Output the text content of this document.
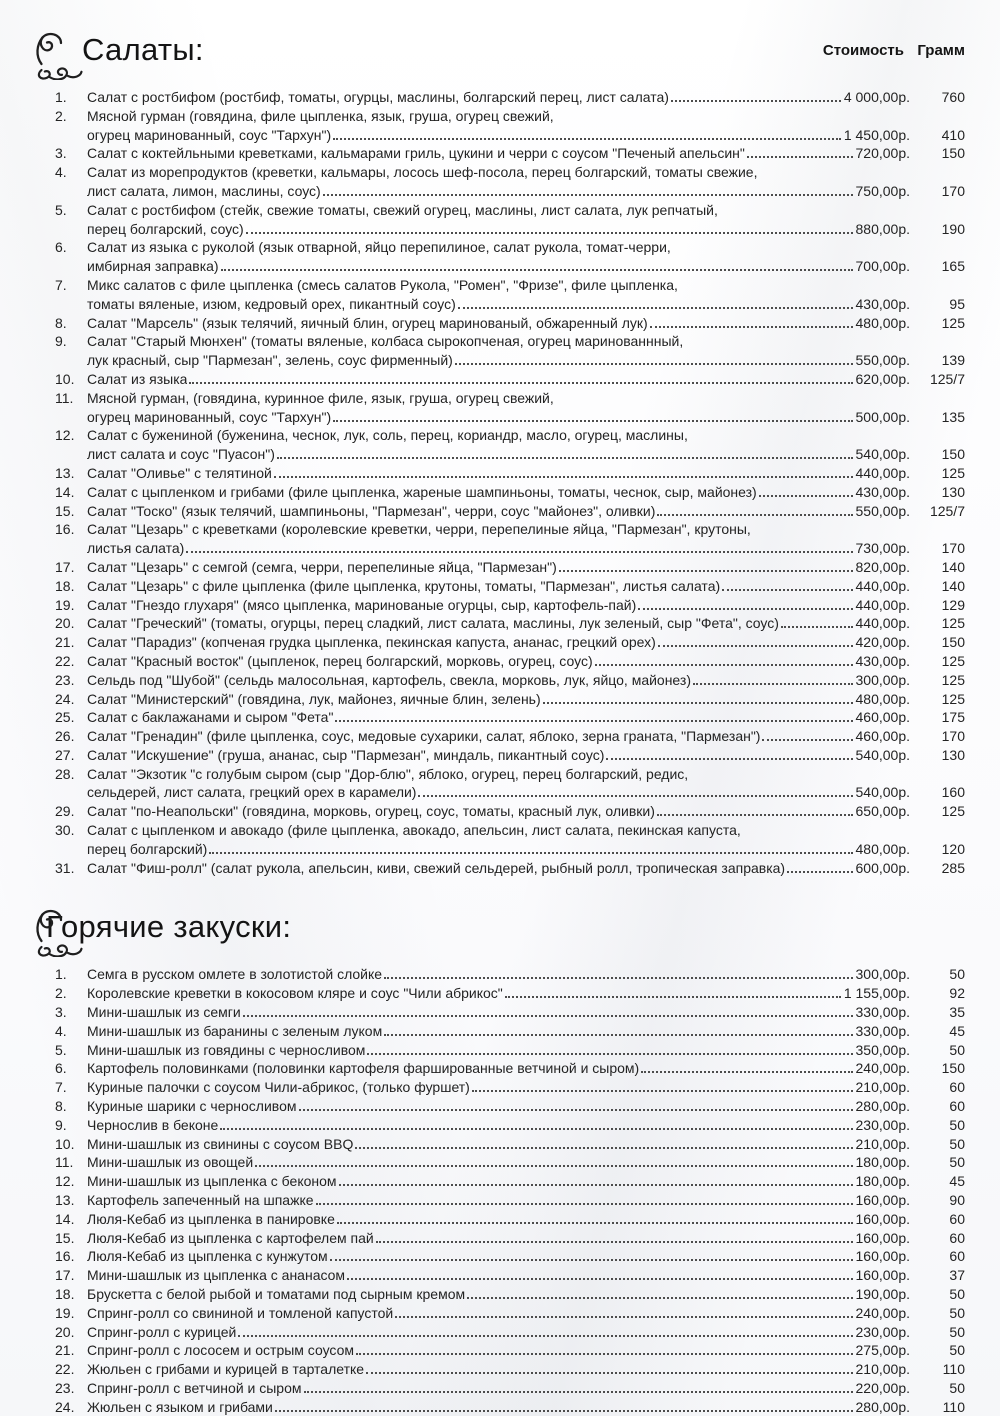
Салаты:	Стоимость Грамм
1.	Салат с ростбифом (ростбиф, томаты, огурцы, маслины, болгарский перец, лист салата)	4 000,00р.	760
2.	Мясной гурман (говядина, филе цыпленка, язык, груша, огурец свежий,
огурец маринованный, соус "Тархун")	1 450,00р.	410
3.	Салат с коктейльными креветками, кальмарами гриль, цукини и черри с соусом "Печеный апельсин"	720,00р.	150
4.	Салат из морепродуктов (креветки, кальмары, лосось шеф-посола, перец болгарский, томаты свежие,
лист салата, лимон, маслины, соус)	750,00р.	170
5.	Салат с ростбифом (стейк, свежие томаты, свежий огурец, маслины, лист салата, лук репчатый,
перец болгарский, соус)	880,00р.	190
6.	Салат из языка с руколой (язык отварной, яйцо перепилиное, салат рукола, томат-черри,
имбирная заправка)	700,00р.	165
7.	Микс салатов с филе цыпленка (смесь салатов Рукола, "Ромен", "Фризе", филе цыпленка,
томаты вяленые, изюм, кедровый орех, пикантный соус)	430,00р.	95
8.	Салат "Марсель" (язык телячий, яичный блин, огурец маринованый, обжаренный лук)	480,00р.	125
9.	Салат "Старый Мюнхен" (томаты вяленые, колбаса сырокопченая, огурец маринованнный,
лук красный, сыр "Пармезан", зелень, соус фирменный)	550,00р.	139
10. Салат из языка	620,00р.	125/7
11. Мясной гурман, (говядина, куринное филе, язык, груша, огурец свежий,
огурец маринованный, соус "Тархун")	500,00р.	135
12. Салат с бужениной (буженина, чеснок, лук, соль, перец, кориандр, масло, огурец, маслины,
лист салата и соус "Пуасон")	540,00р.	150
13. Салат "Оливье" с телятиной	440,00р.	125
14. Салат с цыпленком и грибами (филе цыпленка, жареные шампиньоны, томаты, чеснок, сыр, майонез)	430,00р.	130
15. Салат "Тоско" (язык телячий, шампиньоны, "Пармезан", черри, соус "майонез", оливки)	550,00р.	125/7
16. Салат "Цезарь" с креветками (королевские креветки, черри, перепелиные яйца, "Пармезан", крутоны,
листья салата)	730,00р.	170
17. Салат "Цезарь" с семгой (семга, черри, перепелиные яйца, "Пармезан")	820,00р.	140
18. Салат "Цезарь" с филе цыпленка (филе цыпленка, крутоны, томаты, "Пармезан", листья салата)	440,00р.	140
19. Салат "Гнездо глухаря" (мясо цыпленка, маринованые огурцы, сыр, картофель-пай)	440,00р.	129
20. Салат "Греческий" (томаты, огурцы, перец сладкий, лист салата, маслины, лук зеленый, сыр "Фета", соус)	440,00р.	125
21. Салат "Парадиз" (копченая грудка цыпленка, пекинская капуста, ананас, грецкий орех)	420,00р.	150
22. Салат "Красный восток" (цыпленок, перец болгарский, морковь, огурец, соус)	430,00р.	125
23. Сельдь под "Шубой" (сельдь малосольная, картофель, свекла, морковь, лук, яйцо, майонез)	300,00р.	125
24. Салат "Министерский" (говядина, лук, майонез, яичные блин, зелень)	480,00р.	125
25. Салат с баклажанами и сыром "Фета"	460,00р.	175
26. Салат "Гренадин" (филе цыпленка, соус, медовые сухарики, салат, яблоко, зерна граната, "Пармезан")	460,00р.	170
27. Салат "Искушение" (груша, ананас, сыр "Пармезан", миндаль, пикантный соус)	540,00р.	130
28. Салат "Экзотик "с голубым сыром (сыр "Дор-блю", яблоко, огурец, перец болгарский, редис,
сельдерей, лист салата, грецкий орех в карамели)	540,00р.	160
29. Салат "по-Неапольски" (говядина, морковь, огурец, соус, томаты, красный лук, оливки)	650,00р.	125
30. Салат с цыпленком и авокадо (филе цыпленка, авокадо, апельсин, лист салата, пекинская капуста,
перец болгарский)	480,00р.	120
31. Салат "Фиш-ролл" (салат рукола, апельсин, киви, свежий сельдерей, рыбный ролл, тропическая заправка)	600,00р.	285
Горячие закуски:
1.	Семга в русском омлете в золотистой слойке	300,00р.	50
2.	Королевские креветки в кокосовом кляре и соус "Чили абрикос"	1 155,00р.	92
3.	Мини-шашлык из семги	330,00р.	35
4.	Мини-шашлык из баранины с зеленым луком	330,00р.	45
5.	Мини-шашлык из говядины с черносливом	350,00р.	50
6.	Картофель половинками (половинки картофеля фаршированные ветчиной и сыром)	240,00р.	150
7.	Куриные палочки с соусом Чили-абрикос, (только фуршет)	210,00р.	60
8.	Куриные шарики с черносливом	280,00р.	60
9.	Чернослив в беконе	230,00р.	50
10. Мини-шашлык из свинины с соусом BBQ	210,00р.	50
11. Мини-шашлык из овощей	180,00р.	50
12. Мини-шашлык из цыпленка с беконом	180,00р.	45
13. Картофель запеченный на шпажке	160,00р.	90
14. Люля-Кебаб из цыпленка в панировке	160,00р.	60
15. Люля-Кебаб из цыпленка с картофелем пай	160,00р.	60
16. Люля-Кебаб из цыпленка с кунжутом	160,00р.	60
17. Мини-шашлык из цыпленка с ананасом	160,00р.	37
18. Брускетта с белой рыбой и томатами под сырным кремом	190,00р.	50
19. Спринг-ролл со свининой и томленой капустой	240,00р.	50
20. Спринг-ролл с курицей	230,00р.	50
21. Спринг-ролл с лососем и острым соусом	275,00р.	50
22. Жюльен с грибами и курицей в тарталетке	210,00р.	110
23. Спринг-ролл с ветчиной и сыром	220,00р.	50
24. Жюльен с языком и грибами	280,00р.	110
